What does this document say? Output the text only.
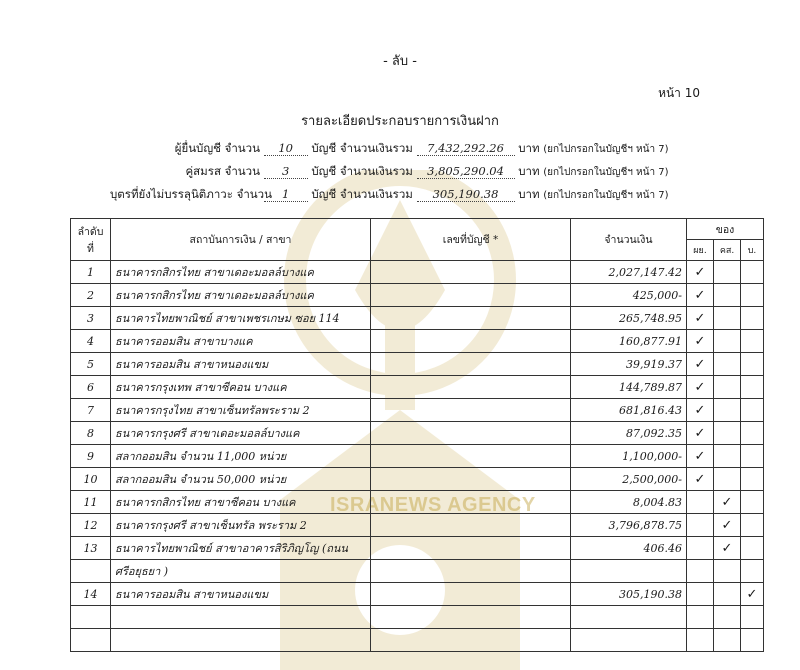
ISRANEWS AGENCY
- ลับ -
หน้า 10
รายละเอียดประกอบรายการเงินฝาก
ผู้ยื่นบัญชี จำนวน 10 บัญชี จำนวนเงินรวม 7,432,292.26 บาท (ยกไปกรอกในบัญชีฯ หน้า 7)
คู่สมรส จำนวน 3 บัญชี จำนวนเงินรวม 3,805,290.04 บาท (ยกไปกรอกในบัญชีฯ หน้า 7)
บุตรที่ยังไม่บรรลุนิติภาวะ จำนวน 1 บัญชี จำนวนเงินรวม 305,190.38 บาท (ยกไปกรอกในบัญชีฯ หน้า 7)
ลำดับ ที่	สถาบันการเงิน / สาขา	เลขที่บัญชี *	จำนวนเงิน	ของ		
				ผย.	คส.	บ.
1	ธนาคารกสิกรไทย สาขาเดอะมอลล์บางแค		2,027,147.42	✓		
2	ธนาคารกสิกรไทย สาขาเดอะมอลล์บางแค		425,000-	✓		
3	ธนาคารไทยพาณิชย์ สาขาเพชรเกษม ซอย 114		265,748.95	✓		
4	ธนาคารออมสิน สาขาบางแค		160,877.91	✓		
5	ธนาคารออมสิน สาขาหนองแขม		39,919.37	✓		
6	ธนาคารกรุงเทพ สาขาซีคอน บางแค		144,789.87	✓		
7	ธนาคารกรุงไทย สาขาเซ็นทรัลพระราม 2		681,816.43	✓		
8	ธนาคารกรุงศรี สาขาเดอะมอลล์บางแค		87,092.35	✓		
9	สลากออมสิน จำนวน 11,000 หน่วย		1,100,000-	✓		
10	สลากออมสิน จำนวน 50,000 หน่วย		2,500,000-	✓		
11	ธนาคารกสิกรไทย สาขาซีคอน บางแค		8,004.83		✓	
12	ธนาคารกรุงศรี สาขาเซ็นทรัล พระราม 2		3,796,878.75		✓	
13	ธนาคารไทยพาณิชย์ สาขาอาคารสิริภิญโญ (ถนน		406.46		✓	
	ศรีอยุธยา )					
14	ธนาคารออมสิน สาขาหนองแขม		305,190.38			✓
